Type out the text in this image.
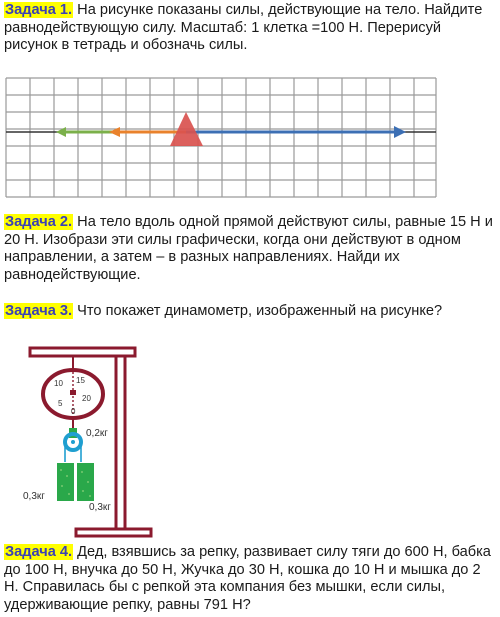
Задача 1. На рисунке показаны силы, действующие на тело. Найдите равнодействующую силу. Масштаб: 1 клетка =100 Н. Перерисуй рисунок в тетрадь и обозначь силы.
Задача 2. На тело вдоль одной прямой действуют силы, равные 15 Н и 20 Н. Изобрази эти силы графически, когда они действуют в одном направлении, а затем – в разных направлениях. Найди их равнодействующие.
Задача 3. Что покажет динамометр, изображенный на рисунке?
10 15
5
20
0
0,2кг
0,3кг
0,3кг
Задача 4. Дед, взявшись за репку, развивает силу тяги до 600 Н, бабка до 100 Н, внучка до 50 Н, Жучка до 30 Н, кошка до 10 Н и мышка до 2 Н. Справилась бы с репкой эта компания без мышки, если силы, удерживающие репку, равны 791 Н?
